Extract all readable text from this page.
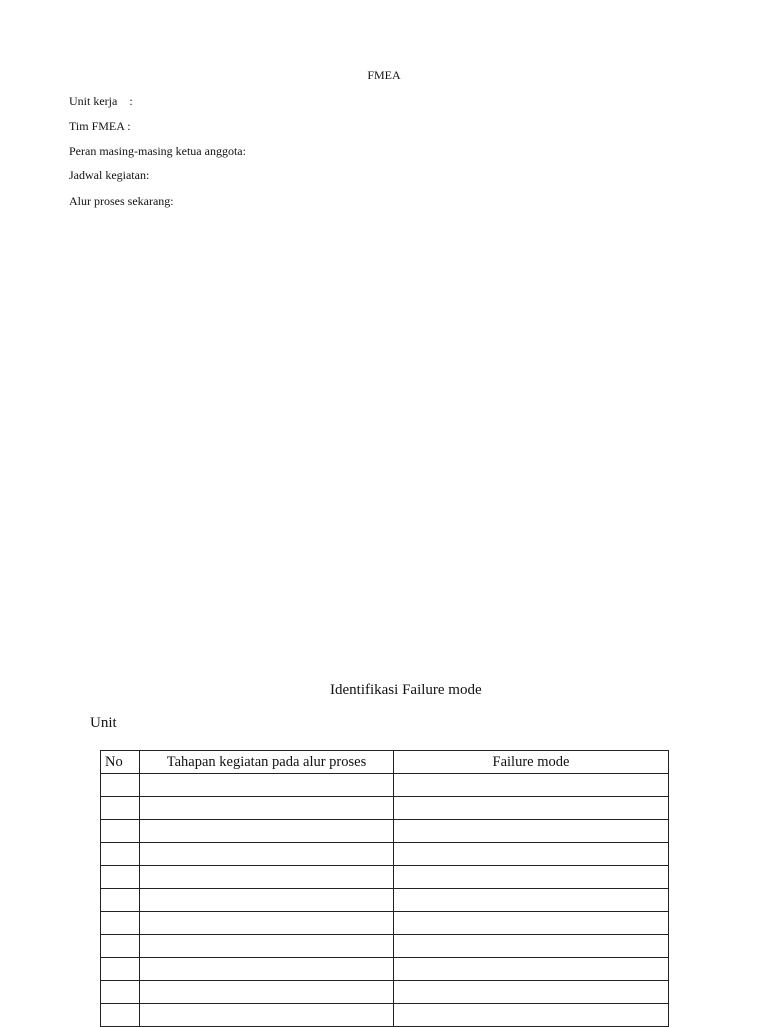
FMEA
Unit kerja    :
Tim FMEA :
Peran masing-masing ketua anggota:
Jadwal kegiatan:
Alur proses sekarang:
Identifikasi Failure mode
Unit
No	Tahapan kegiatan pada alur proses	Failure mode
